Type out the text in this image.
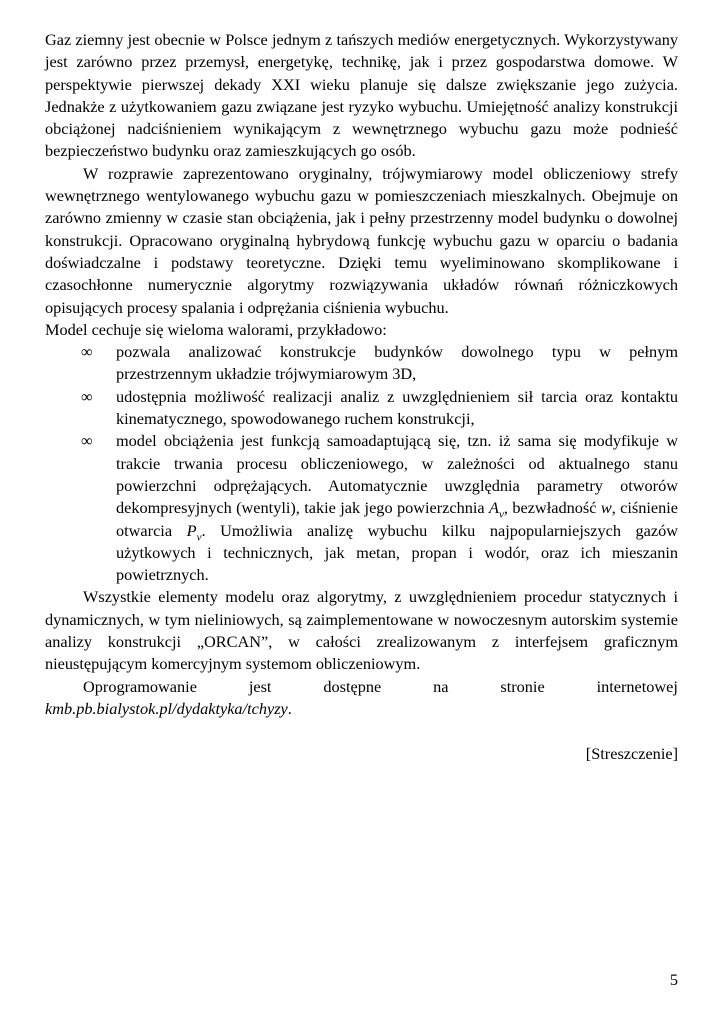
Gaz ziemny jest obecnie w Polsce jednym z tańszych mediów energetycznych. Wykorzystywany jest zarówno przez przemysł, energetykę, technikę, jak i przez gospodarstwa domowe. W perspektywie pierwszej dekady XXI wieku planuje się dalsze zwiększanie jego zużycia. Jednakże z użytkowaniem gazu związane jest ryzyko wybuchu. Umiejętność analizy konstrukcji obciążonej nadciśnieniem wynikającym z wewnętrznego wybuchu gazu może podnieść bezpieczeństwo budynku oraz zamieszkujących go osób.

W rozprawie zaprezentowano oryginalny, trójwymiarowy model obliczeniowy strefy wewnętrznego wentylowanego wybuchu gazu w pomieszczeniach mieszkalnych. Obejmuje on zarówno zmienny w czasie stan obciążenia, jak i pełny przestrzenny model budynku o dowolnej konstrukcji. Opracowano oryginalną hybrydową funkcję wybuchu gazu w oparciu o badania doświadczalne i podstawy teoretyczne. Dzięki temu wyeliminowano skomplikowane i czasochłonne numerycznie algorytmy rozwiązywania układów równań różniczkowych opisujących procesy spalania i odprężania ciśnienia wybuchu.

Model cechuje się wieloma walorami, przykładowo:

∞ pozwala analizować konstrukcje budynków dowolnego typu w pełnym przestrzennym układzie trójwymiarowym 3D,
∞ udostępnia możliwość realizacji analiz z uwzględnieniem sił tarcia oraz kontaktu kinematycznego, spowodowanego ruchem konstrukcji,
∞ model obciążenia jest funkcją samoadaptującą się, tzn. iż sama się modyfikuje w trakcie trwania procesu obliczeniowego, w zależności od aktualnego stanu powierzchni odprężających. Automatycznie uwzględnia parametry otworów dekompresyjnych (wentyli), takie jak jego powierzchnia $A_v$, bezwładność w, ciśnienie otwarcia $P_v$. Umożliwia analizę wybuchu kilku najpopularniejszych gazów użytkowych i technicznych, jak metan, propan i wodór, oraz ich mieszanin powietrznych.

Wszystkie elementy modelu oraz algorytmy, z uwzględnieniem procedur statycznych i dynamicznych, w tym nieliniowych, są zaimplementowane w nowoczesnym autorskim systemie analizy konstrukcji „ORCAN”, w całości zrealizowanym z interfejsem graficznym nieustępującym komercyjnym systemom obliczeniowym.

Oprogramowanie	jest	dostępne	na	stronie	internetowej

kmb.pb.bialystok.pl/dydaktyka/tchyzy.

[Streszczenie]

5
